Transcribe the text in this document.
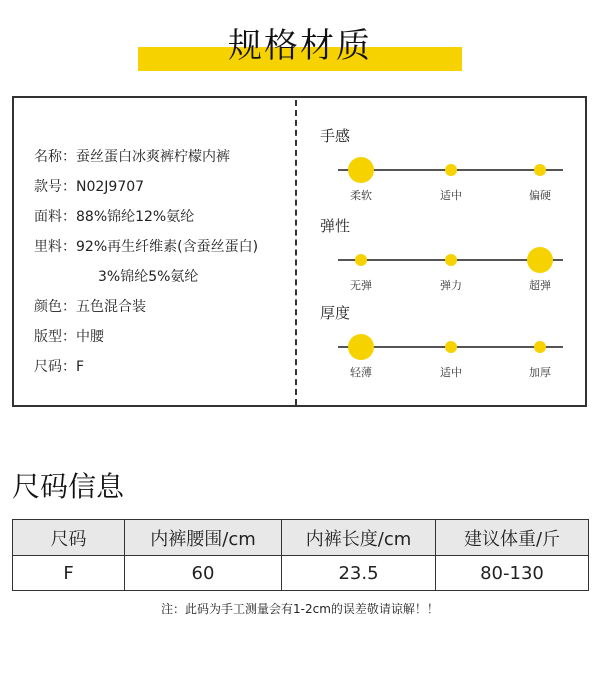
规格材质
名称：蚕丝蛋白冰爽裤柠檬内裤
款号：N02J9707
面料：88%锦纶12%氨纶
里料：92%再生纤维素(含蚕丝蛋白)
3%锦纶5%氨纶
颜色：五色混合装
版型：中腰
尺码：F
手感
柔软	适中	偏硬
弹性
无弹	弹力	超弹
厚度
轻薄	适中	加厚
尺码信息
尺码	内裤腰围/cm	内裤长度/cm	建议体重/斤
F	60	23.5	80-130
注：此码为手工测量会有1-2cm的误差敬请谅解！！
